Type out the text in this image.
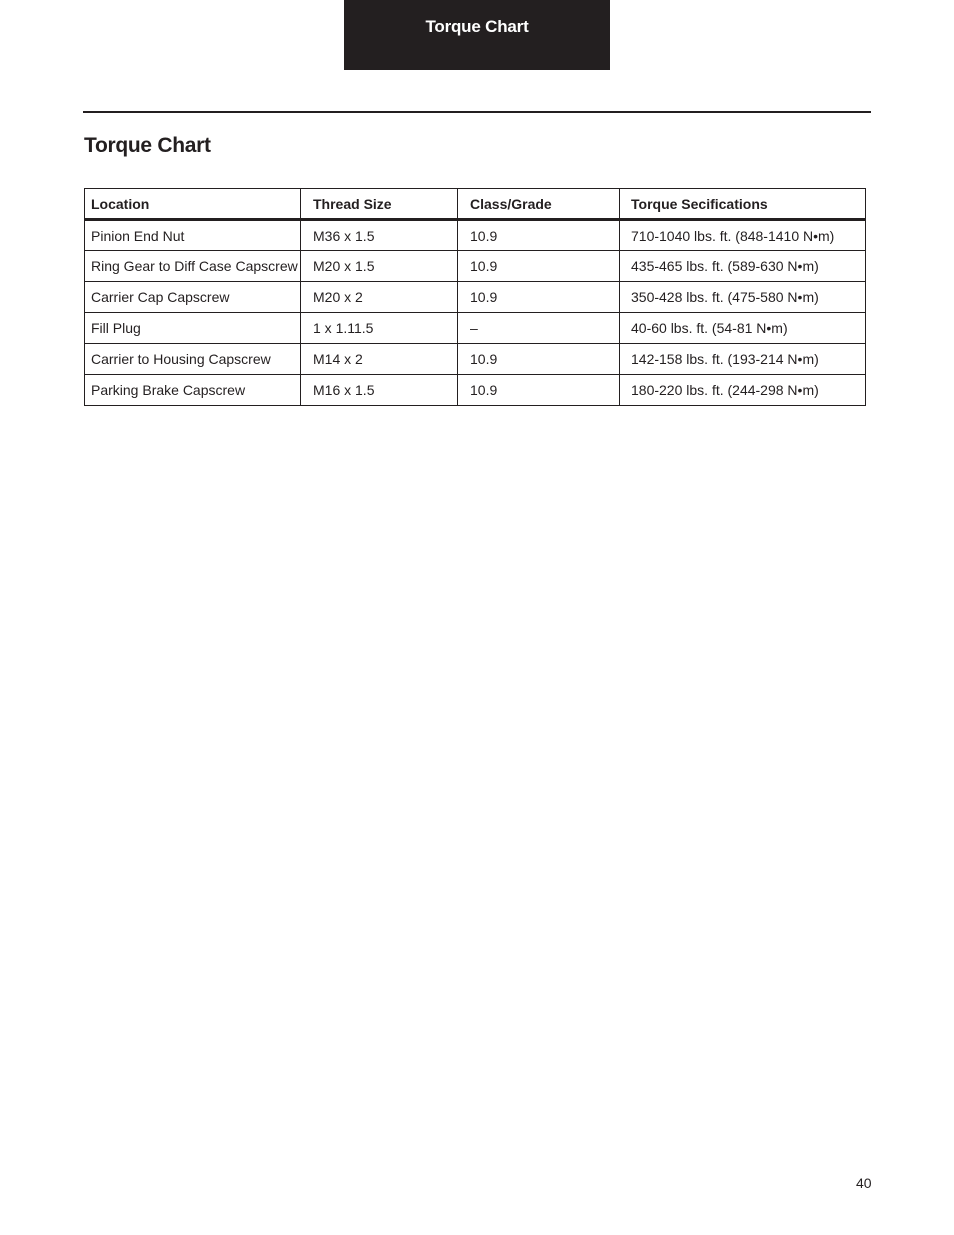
Torque Chart
Torque Chart
Location	Thread Size	Class/Grade	Torque Secifications
Pinion End Nut	M36 x 1.5	10.9	710-1040 lbs. ft. (848-1410 N•m)
Ring Gear to Diff Case Capscrew	M20 x 1.5	10.9	435-465 lbs. ft. (589-630 N•m)
Carrier Cap Capscrew	M20 x 2	10.9	350-428 lbs. ft. (475-580 N•m)
Fill Plug	1 x 1.11.5	–	40-60 lbs. ft. (54-81 N•m)
Carrier to Housing Capscrew	M14 x 2	10.9	142-158 lbs. ft. (193-214 N•m)
Parking Brake Capscrew	M16 x 1.5	10.9	180-220 lbs. ft. (244-298 N•m)
40
